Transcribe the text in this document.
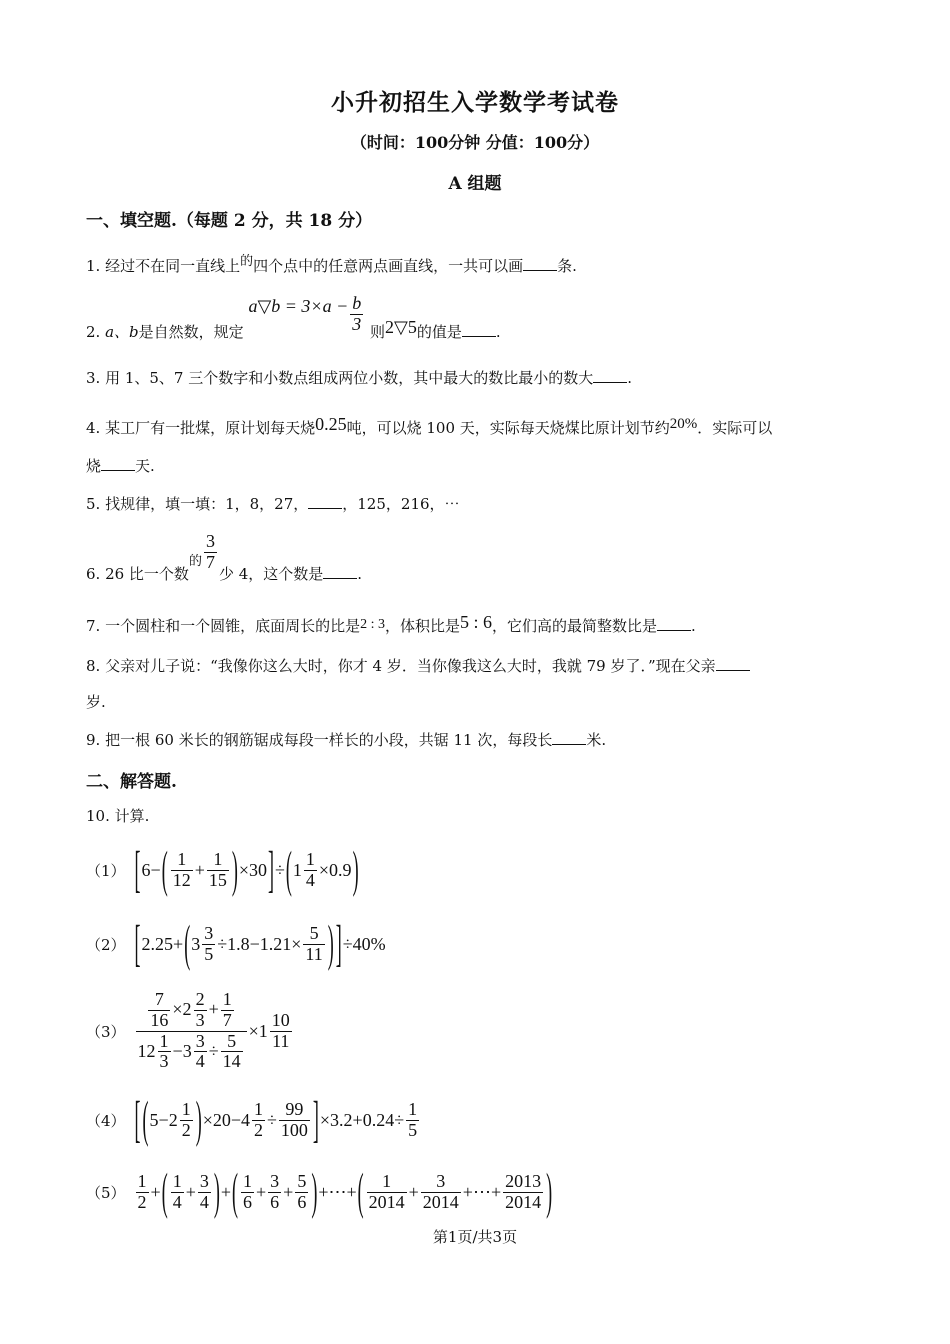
小升初招生入学数学考试卷
（时间：100分钟 分值：100分）
A 组题
一、填空题.（每题 2 分，共 18 分）
1. 经过不在同一直线上$^的$四个点中的任意两点画直线，一共可以画 条.
2. a、b是自然数，规定 a▽b = $3\times a - \frac{b}{3}$ 则2▽5的值是 .
3. 用 1、5、7 三个数字和小数点组成两位小数，其中最大的数比最小的数大 .
4. 某工厂有一批煤，原计划每天烧0.25吨，可以烧 100 天，实际每天烧煤比原计划节约20%．实际可以
烧 天.
5. 找规律，填一填：1，8，27， ，125，216，⋯
6. 26 比一个数$^的 \frac{3}{7}$
少 4，这个数是 .
7. 一个圆柱和一个圆锥，底面周长的比是2 : 3，体积比是5 : 6，它们高的最简整数比是 .
8. 父亲对儿子说：“我像你这么大时，你才 4 岁．当你像我这么大时，我就 79 岁了．”现在父亲
岁.
9. 把一根 60 米长的钢筋锯成每段一样长的小段，共锯 11 次，每段长 米.
二、解答题.
10. 计算.
（1） [ 6− ( $\frac{1}{12} + \frac{1}{15}$ ) ×30 ] ÷ ( $1 \frac{1}{4} \times 0.9$ )
（2） [ 2.25+ ( $3 \frac{3}{5} \div 1.8-1.21\times \frac{5}{11}$ ) ] ÷40%
$(3) \frac{\frac{7}{16} \times 2 \frac{2}{3} + \frac{1}{7}}{12 \frac{1}{3} -3 \frac{3}{4} \div \frac{5}{14}} \times 1 \frac{10}{11}$
（4） [ ( $5-2 \frac{1}{2}$ ) $\times 20-4 \frac{1}{2} \div \frac{99}{100}$ ] $\times 3.2+0.24\div \frac{1}{5}$
$(5) \frac{1}{2}$ + ( $\frac{1}{4} + \frac{3}{4}$ ) + ( $\frac{1}{6} + \frac{3}{6} + \frac{5}{6}$ ) +⋯+ ( $\frac{1}{2014} + \frac{3}{2014}$ +⋯+ $\frac{2013}{2014}$ )
第1页/共3页
